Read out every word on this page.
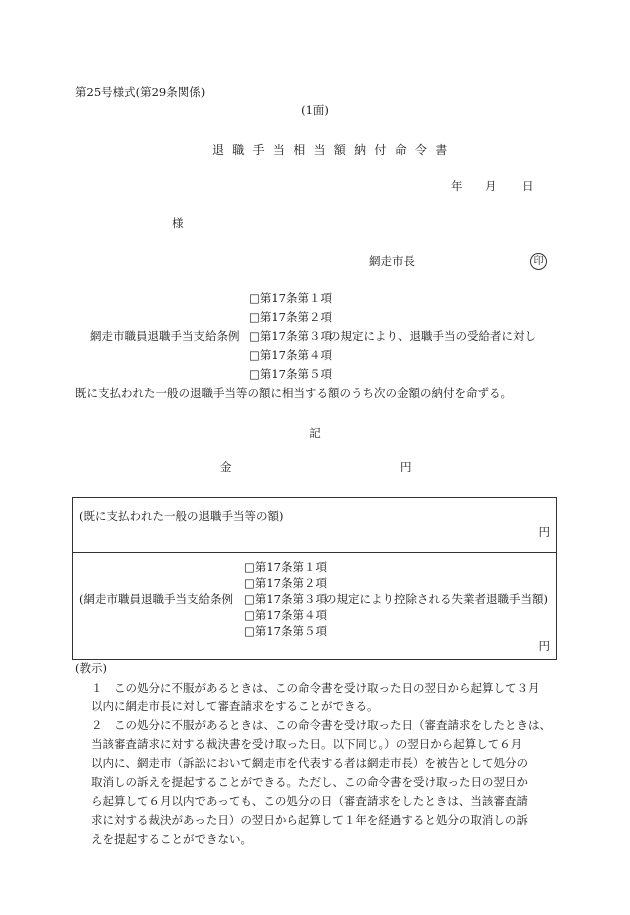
第25号様式(第29条関係)
(1面)
退職手当相当額納付命令書
年 月 日
様
網走市長	印
□第17条第１項
□第17条第２項
網走市職員退職手当支給条例 □第17条第３項
の規定により、退職手当の受給者に対し
□第17条第４項
□第17条第５項
既に支払われた一般の退職手当等の額に相当する額のうち次の金額の納付を命ずる。
記
金	円
(既に支払われた一般の退職手当等の額)
円

□第17条第１項
□第17条第２項
(網走市職員退職手当支給条例 □第17条第３項
の規定により控除される失業者退職手当額)
□第17条第４項
□第17条第５項
円
(教示)
１ この処分に不服があるときは、この命令書を受け取った日の翌日から起算して３月
以内に網走市長に対して審査請求をすることができる。
２ この処分に不服があるときは、この命令書を受け取った日（審査請求をしたときは、
当該審査請求に対する裁決書を受け取った日。以下同じ。）の翌日から起算して６月
以内に、網走市（訴訟において網走市を代表する者は網走市長）を被告として処分の
取消しの訴えを提起することができる。ただし、この命令書を受け取った日の翌日か
ら起算して６月以内であっても、この処分の日（審査請求をしたときは、当該審査請
求に対する裁決があった日）の翌日から起算して１年を経過すると処分の取消しの訴
えを提起することができない。
